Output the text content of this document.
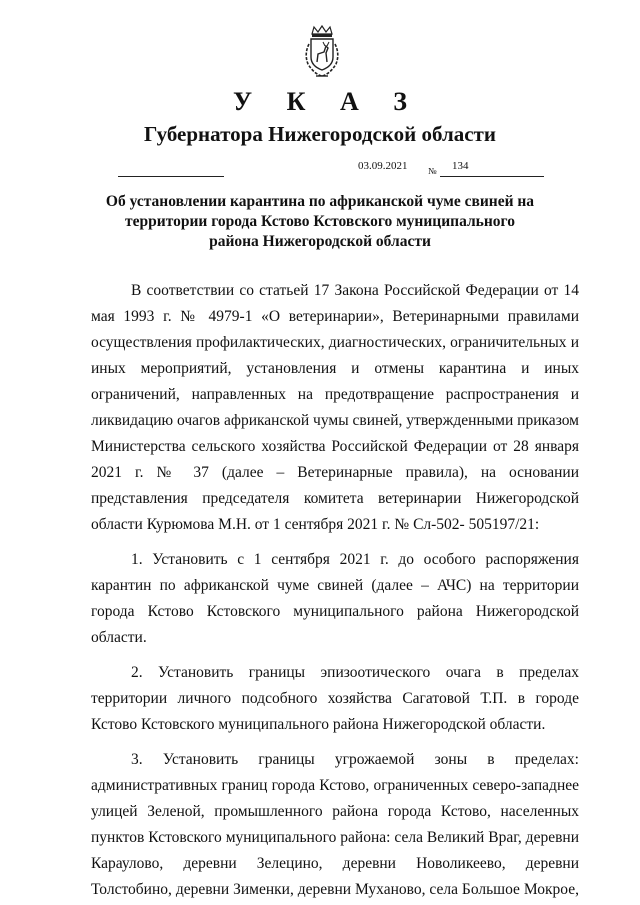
У К А З
Губернатора Нижегородской области
03.09.2021 № 134
Об установлении карантина по африканской чуме свиней на
территории города Кстово Кстовского муниципального
района Нижегородской области

В соответствии со статьей 17 Закона Российской Федерации от 14 мая 1993 г. № 4979-1 «О ветеринарии», Ветеринарными правилами осуществления профилактических, диагностических, ограничительных и иных мероприятий, установления и отмены карантина и иных ограничений, направленных на предотвращение распространения и ликвидацию очагов африканской чумы свиней, утвержденными приказом Министерства сельского хозяйства Российской Федерации от 28 января 2021 г. № 37 (далее – Ветеринарные правила), на основании представления председателя комитета ветеринарии Нижегородской области Курюмова М.Н. от 1 сентября 2021 г. № Сл-502- 505197/21:

1. Установить с 1 сентября 2021 г. до особого распоряжения карантин по африканской чуме свиней (далее – АЧС) на территории города Кстово Кстовского муниципального района Нижегородской области.

2. Установить границы эпизоотического очага в пределах территории личного подсобного хозяйства Сагатовой Т.П. в городе Кстово Кстовского муниципального района Нижегородской области.

3. Установить границы угрожаемой зоны в пределах: административных границ города Кстово, ограниченных северо-западнее улицей Зеленой, промышленного района города Кстово, населенных пунктов Кстовского муниципального района: села Великий Враг, деревни Караулово, деревни Зелецино, деревни Новоликеево, деревни Толстобино, деревни Зименки, деревни Муханово, села Большое Мокрое,
